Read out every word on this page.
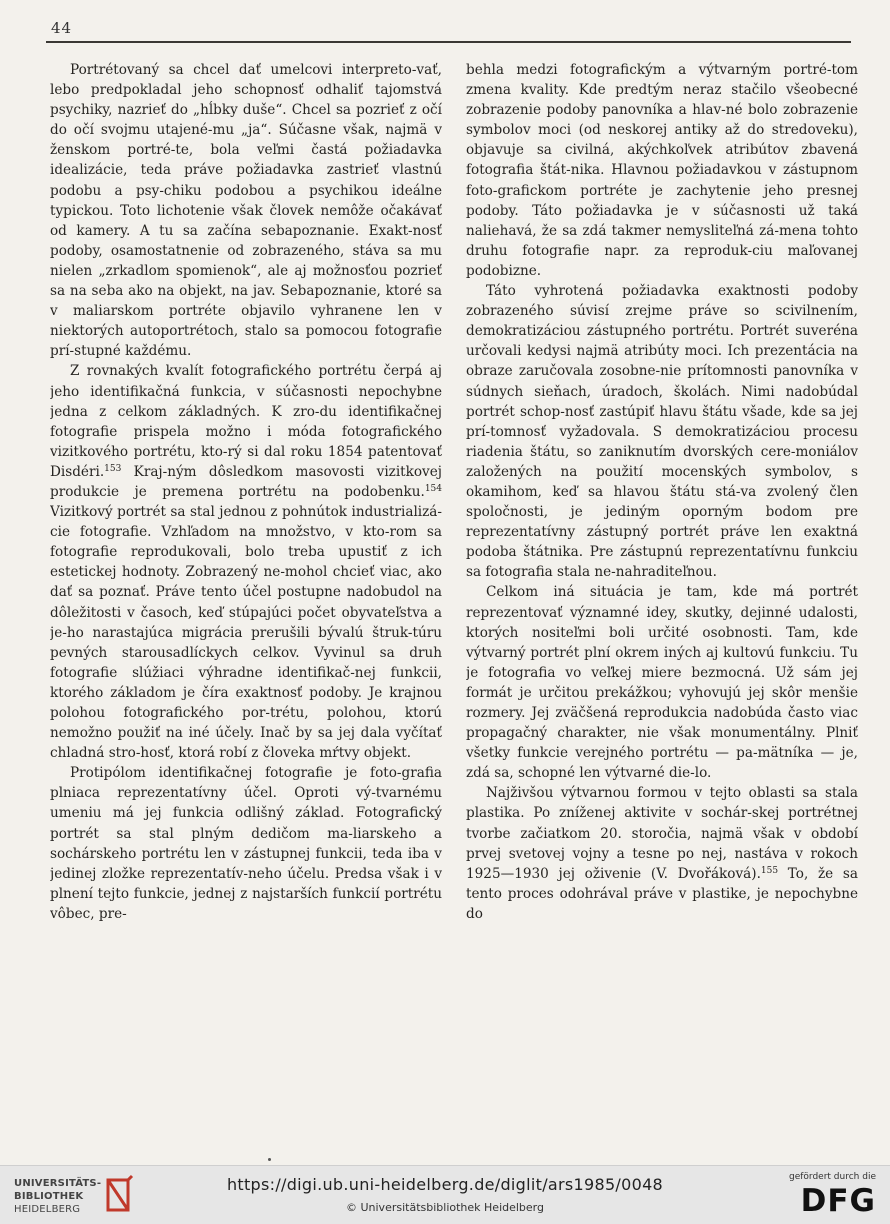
44

Portrétovaný sa chcel dať umelcovi interpreto-vať, lebo predpokladal jeho schopnosť odhaliť tajomstvá psychiky, nazrieť do „hĺbky duše“. Chcel sa pozrieť z očí do očí svojmu utajené-mu „ja“. Súčasne však, najmä v ženskom portré-te, bola veľmi častá požiadavka idealizácie, teda práve požiadavka zastrieť vlastnú podobu a psy-chiku podobou a psychikou ideálne typickou. Toto lichotenie však človek nemôže očakávať od kamery. A tu sa začína sebapoznanie. Exakt-nosť podoby, osamostatnenie od zobrazeného, stáva sa mu nielen „zrkadlom spomienok“, ale aj možnosťou pozrieť sa na seba ako na objekt, na jav. Sebapoznanie, ktoré sa v maliarskom portréte objavilo vyhranene len v niektorých autoportrétoch, stalo sa pomocou fotografie prí-stupné každému.

Z rovnakých kvalít fotografického portrétu čerpá aj jeho identifikačná funkcia, v súčasnosti nepochybne jedna z celkom základných. K zro-du identifikačnej fotografie prispela možno i móda fotografického vizitkového portrétu, kto-rý si dal roku 1854 patentovať Disdéri.$^{153}$ Kraj-ným dôsledkom masovosti vizitkovej produkcie je premena portrétu na podobenku.$^{154}$ Vizitkový portrét sa stal jednou z pohnútok industrializá-cie fotografie. Vzhľadom na množstvo, v kto-rom sa fotografie reprodukovali, bolo treba upustiť z ich estetickej hodnoty. Zobrazený ne-mohol chcieť viac, ako dať sa poznať. Práve tento účel postupne nadobudol na dôležitosti v časoch, keď stúpajúci počet obyvateľstva a je-ho narastajúca migrácia prerušili bývalú štruk-túru pevných starousadlíckych celkov. Vyvinul sa druh fotografie slúžiaci výhradne identifikač-nej funkcii, ktorého základom je číra exaktnosť podoby. Je krajnou polohou fotografického por-trétu, polohou, ktorú nemožno použiť na iné účely. Inač by sa jej dala vyčítať chladná stro-hosť, ktorá robí z človeka mŕtvy objekt.

Protipólom identifikačnej fotografie je foto-grafia plniaca reprezentatívny účel. Oproti vý-tvarnému umeniu má jej funkcia odlišný základ. Fotografický portrét sa stal plným dedičom ma-liarskeho a sochárskeho portrétu len v zástupnej funkcii, teda iba v jedinej zložke reprezentatív-neho účelu. Predsa však i v plnení tejto funkcie, jednej z najstarších funkcií portrétu vôbec, pre-

behla medzi fotografickým a výtvarným portré-tom zmena kvality. Kde predtým neraz stačilo všeobecné zobrazenie podoby panovníka a hlav-né bolo zobrazenie symbolov moci (od neskorej antiky až do stredoveku), objavuje sa civilná, akýchkoľvek atribútov zbavená fotografia štát-nika. Hlavnou požiadavkou v zástupnom foto-grafickom portréte je zachytenie jeho presnej podoby. Táto požiadavka je v súčasnosti už taká naliehavá, že sa zdá takmer nemysliteľná zá-mena tohto druhu fotografie napr. za reproduk-ciu maľovanej podobizne.

Táto vyhrotená požiadavka exaktnosti podoby zobrazeného súvisí zrejme práve so scivilnením, demokratizáciou zástupného portrétu. Portrét suveréna určovali kedysi najmä atribúty moci. Ich prezentácia na obraze zaručovala zosobne-nie prítomnosti panovníka v súdnych sieňach, úradoch, školách. Nimi nadobúdal portrét schop-nosť zastúpiť hlavu štátu všade, kde sa jej prí-tomnosť vyžadovala. S demokratizáciou procesu riadenia štátu, so zaniknutím dvorských cere-moniálov založených na použití mocenských symbolov, s okamihom, keď sa hlavou štátu stá-va zvolený člen spoločnosti, je jediným oporným bodom pre reprezentatívny zástupný portrét práve len exaktná podoba štátnika. Pre zástupnú reprezentatívnu funkciu sa fotografia stala ne-nahraditeľnou.

Celkom iná situácia je tam, kde má portrét reprezentovať významné idey, skutky, dejinné udalosti, ktorých nositeľmi boli určité osobnosti. Tam, kde výtvarný portrét plní okrem iných aj kultovú funkciu. Tu je fotografia vo veľkej miere bezmocná. Už sám jej formát je určitou prekážkou; vyhovujú jej skôr menšie rozmery. Jej zväčšená reprodukcia nadobúda často viac propagačný charakter, nie však monumentálny. Plniť všetky funkcie verejného portrétu — pa-mätníka — je, zdá sa, schopné len výtvarné die-lo.

Najživšou výtvarnou formou v tejto oblasti sa stala plastika. Po zníženej aktivite v sochár-skej portrétnej tvorbe začiatkom 20. storočia, najmä však v období prvej svetovej vojny a tesne po nej, nastáva v rokoch 1925—1930 jej oživenie (V. Dvořáková).$^{155}$ To, že sa tento proces odohrával práve v plastike, je nepochybne do

UNIVERSITÄTS-
BIBLIOTHEK
HEIDELBERG
https://digi.ub.uni-heidelberg.de/diglit/ars1985/0048
© Universitätsbibliothek Heidelberg
gefördert durch die
DFG
